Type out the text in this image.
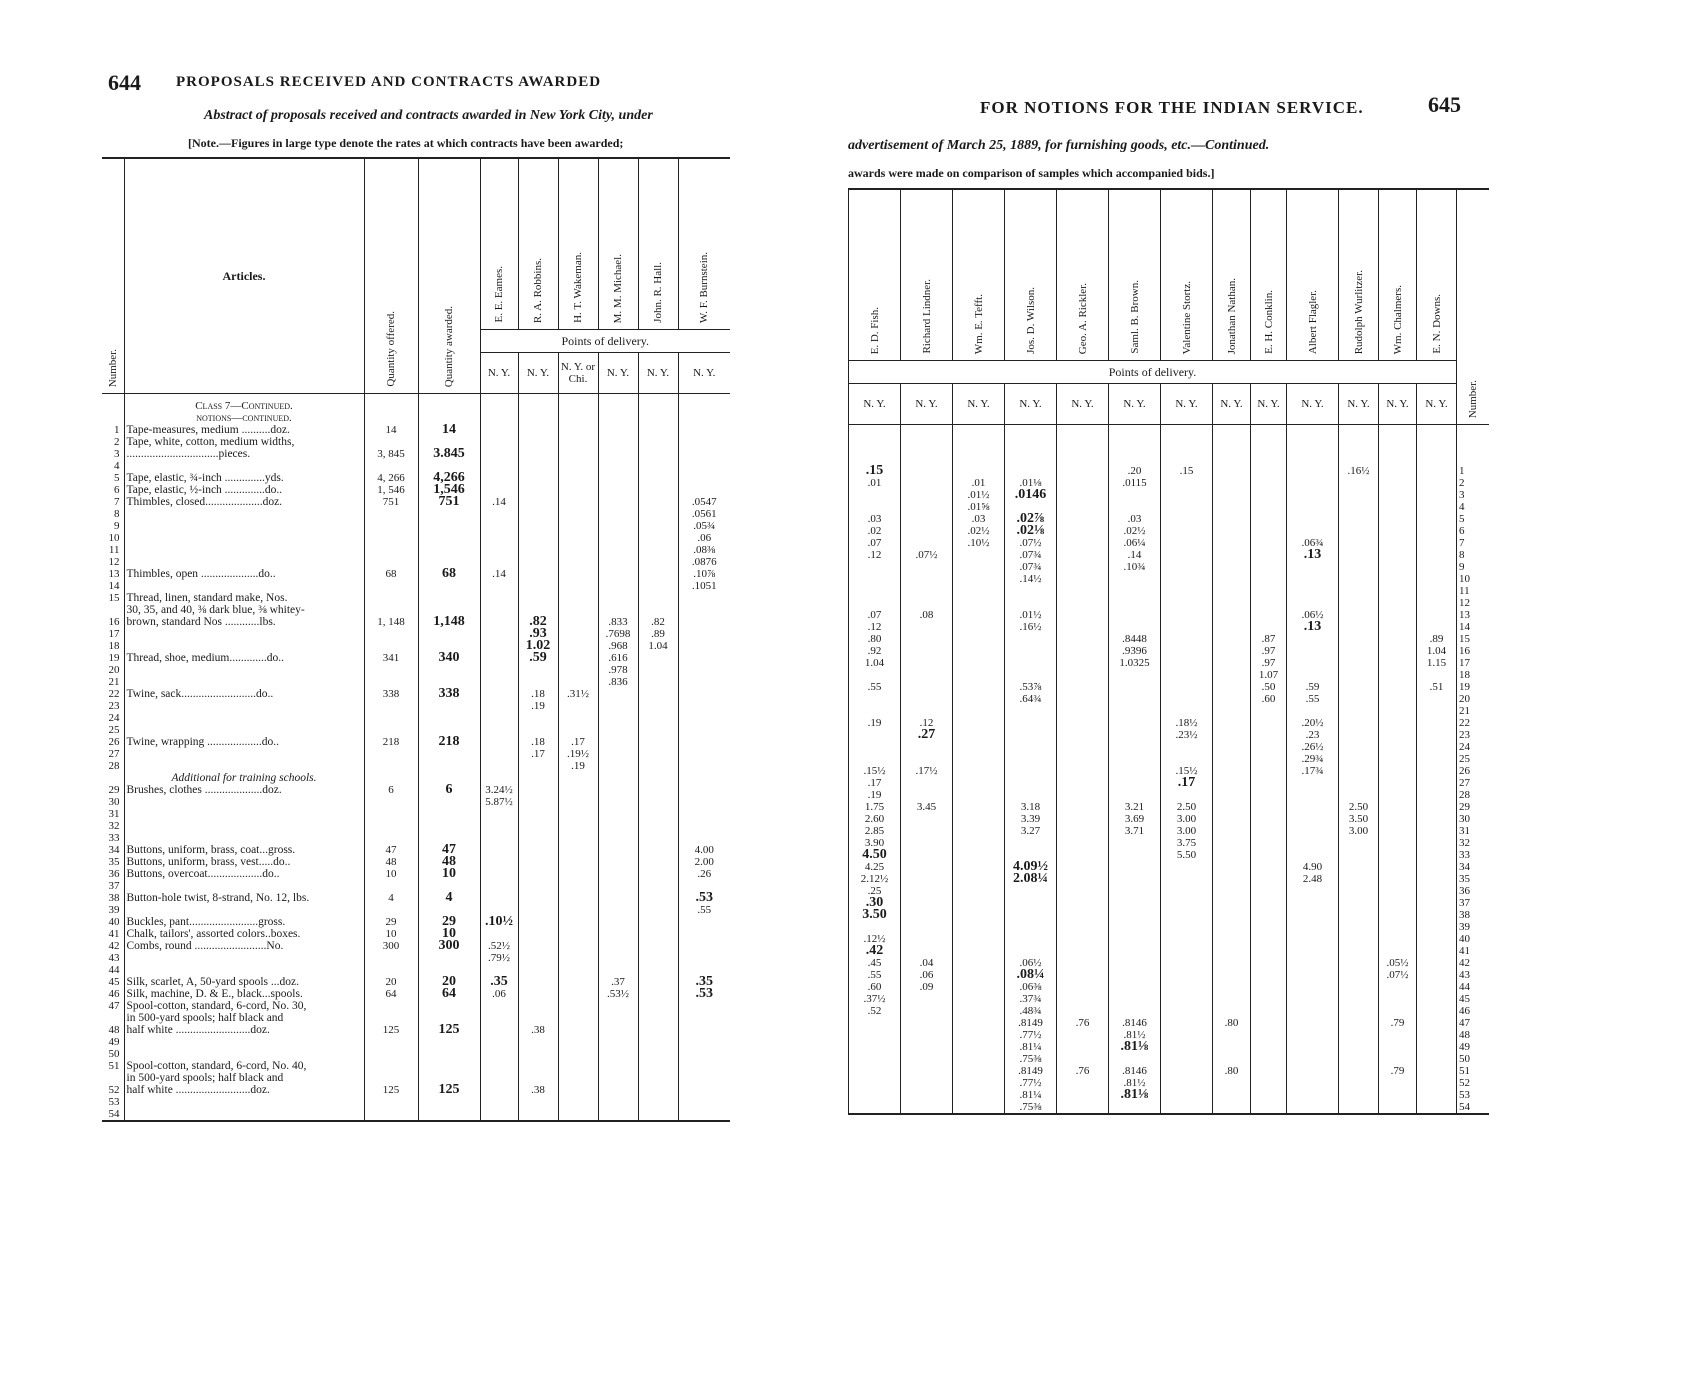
644 PROPOSALS RECEIVED AND CONTRACTS AWARDED
Abstract of proposals received and contracts awarded in New York City, under
[Note.—Figures in large type denote the rates at which contracts have been awarded;
Number.	Articles.	Quantity offered.	Quantity awarded.	E. E. Eames.	R. A. Robbins.	H. T. Wakeman.	M. M. Michael.	John. R. Hall.	W. F. Burnstein.

				Points of delivery.					
				N. Y.	N. Y.	N. Y. or Chi.	N. Y.	N. Y.	N. Y.

	Class 7—Continued.								
	notions—continued.								
1	Tape-measures, medium ..........doz.	14	14						
2	Tape, white, cotton, medium widths,								
3	................................pieces.	3, 845	3.845						
4									
5	Tape, elastic, ¾-inch ..............yds.	4, 266	4,266						
6	Tape, elastic, ½-inch ..............do..	1, 546	1,546						
7	Thimbles, closed....................doz.	751	751	.14					.0547
8									.0561
9									.05¾
10									.06
11									.08⅜
12									.0876
13	Thimbles, open ....................do..	68	68	.14					.10⅞
14									.1051
15	Thread, linen, standard make, Nos.								
	30, 35, and 40, ⅜ dark blue, ⅜ whitey-								
16	brown, standard Nos ............lbs.	1, 148	1,148		.82		.833	.82	
17					.93		.7698	.89	
18					1.02		.968	1.04	
19	Thread, shoe, medium.............do..	341	340		.59		.616		
20							.978		
21							.836		
22	Twine, sack..........................do..	338	338		.18	.31½			
23					.19				
24									
25									
26	Twine, wrapping ...................do..	218	218		.18	.17			
27					.17	.19½			
28						.19			
	Additional for training schools.								
29	Brushes, clothes ....................doz.	6	6	3.24½					
30				5.87½					
31									
32									
33									
34	Buttons, uniform, brass, coat...gross.	47	47						4.00
35	Buttons, uniform, brass, vest.....do..	48	48						2.00
36	Buttons, overcoat...................do..	10	10						.26
37									
38	Button-hole twist, 8-strand, No. 12, lbs.	4	4						.53
39									.55
40	Buckles, pant........................gross.	29	29	.10½					
41	Chalk, tailors', assorted colors..boxes.	10	10						
42	Combs, round .........................No.	300	300	.52½					
43				.79½					
44									
45	Silk, scarlet, A, 50-yard spools ...doz.	20	20	.35			.37		.35
46	Silk, machine, D. & E., black...spools.	64	64	.06			.53½		.53
47	Spool-cotton, standard, 6-cord, No. 30,								
	in 500-yard spools; half black and								
48	half white ..........................doz.	125	125		.38				
49									
50									
51	Spool-cotton, standard, 6-cord, No. 40,								
	in 500-yard spools; half black and								
52	half white ..........................doz.	125	125		.38				
53									
54									
FOR NOTIONS FOR THE INDIAN SERVICE.	645
advertisement of March 25, 1889, for furnishing goods, etc.—Continued.
awards were made on comparison of samples which accompanied bids.]
E. D. Fish.	Richard Lindner.	Wm. E. Tefft.	Jos. D. Wilson.	Geo. A. Rickler.	Saml. B. Brown.	Valentine Stortz.	Jonathan Nathan.	E. H. Conklin.	Albert Flagler.	Rudolph Wurlitzer.	Wm. Chalmers.	E. N. Downs.	Number.

Points of delivery.													
N. Y.	N. Y.	N. Y.	N. Y.	N. Y.	N. Y.	N. Y.	N. Y.	N. Y.	N. Y.	N. Y.	N. Y.	N. Y.	

.15					.20	.15				.16½			1
.01		.01	.01⅛		.0115								2
		.01½	.0146										3
		.01⅝											4
.03		.03	.02⅞		.03								5
.02		.02½	.02⅛		.02½								6
.07		.10½	.07½		.06¼				.06¾				7
.12	.07½		.07¾		.14				.13				8
			.07¾		.10¾								9
			.14½										10
													11
													12
.07	.08		.01½						.06½				13
.12			.16½						.13				14
.80					.8448			.87				.89	15
.92					.9396			.97				1.04	16
1.04					1.0325			.97				1.15	17
								1.07					18
.55			.53⅞					.50	.59			.51	19
			.64¾					.60	.55				20
													21
.19	.12					.18½			.20½				22
	.27					.23½			.23				23
									.26½				24
									.29¾				25
.15½	.17½					.15½			.17¾				26
.17						.17							27
.19													28
1.75	3.45		3.18		3.21	2.50				2.50			29
2.60			3.39		3.69	3.00				3.50			30
2.85			3.27		3.71	3.00				3.00			31
3.90						3.75							32
4.50						5.50							33
4.25			4.09½						4.90				34
2.12½			2.08¼						2.48				35
.25													36
.30													37
3.50													38
													39
.12½													40
.42													41
.45	.04		.06½								.05½		42
.55	.06		.08¼								.07½		43
.60	.09		.06⅜										44
.37½			.37¾										45
.52			.48¾										46
			.8149	.76	.8146		.80				.79		47
			.77½		.81½								48
			.81¼		.81⅛								49
			.75⅜										50
			.8149	.76	.8146		.80				.79		51
			.77½		.81½								52
			.81¼		.81⅛								53
			.75⅜										54
